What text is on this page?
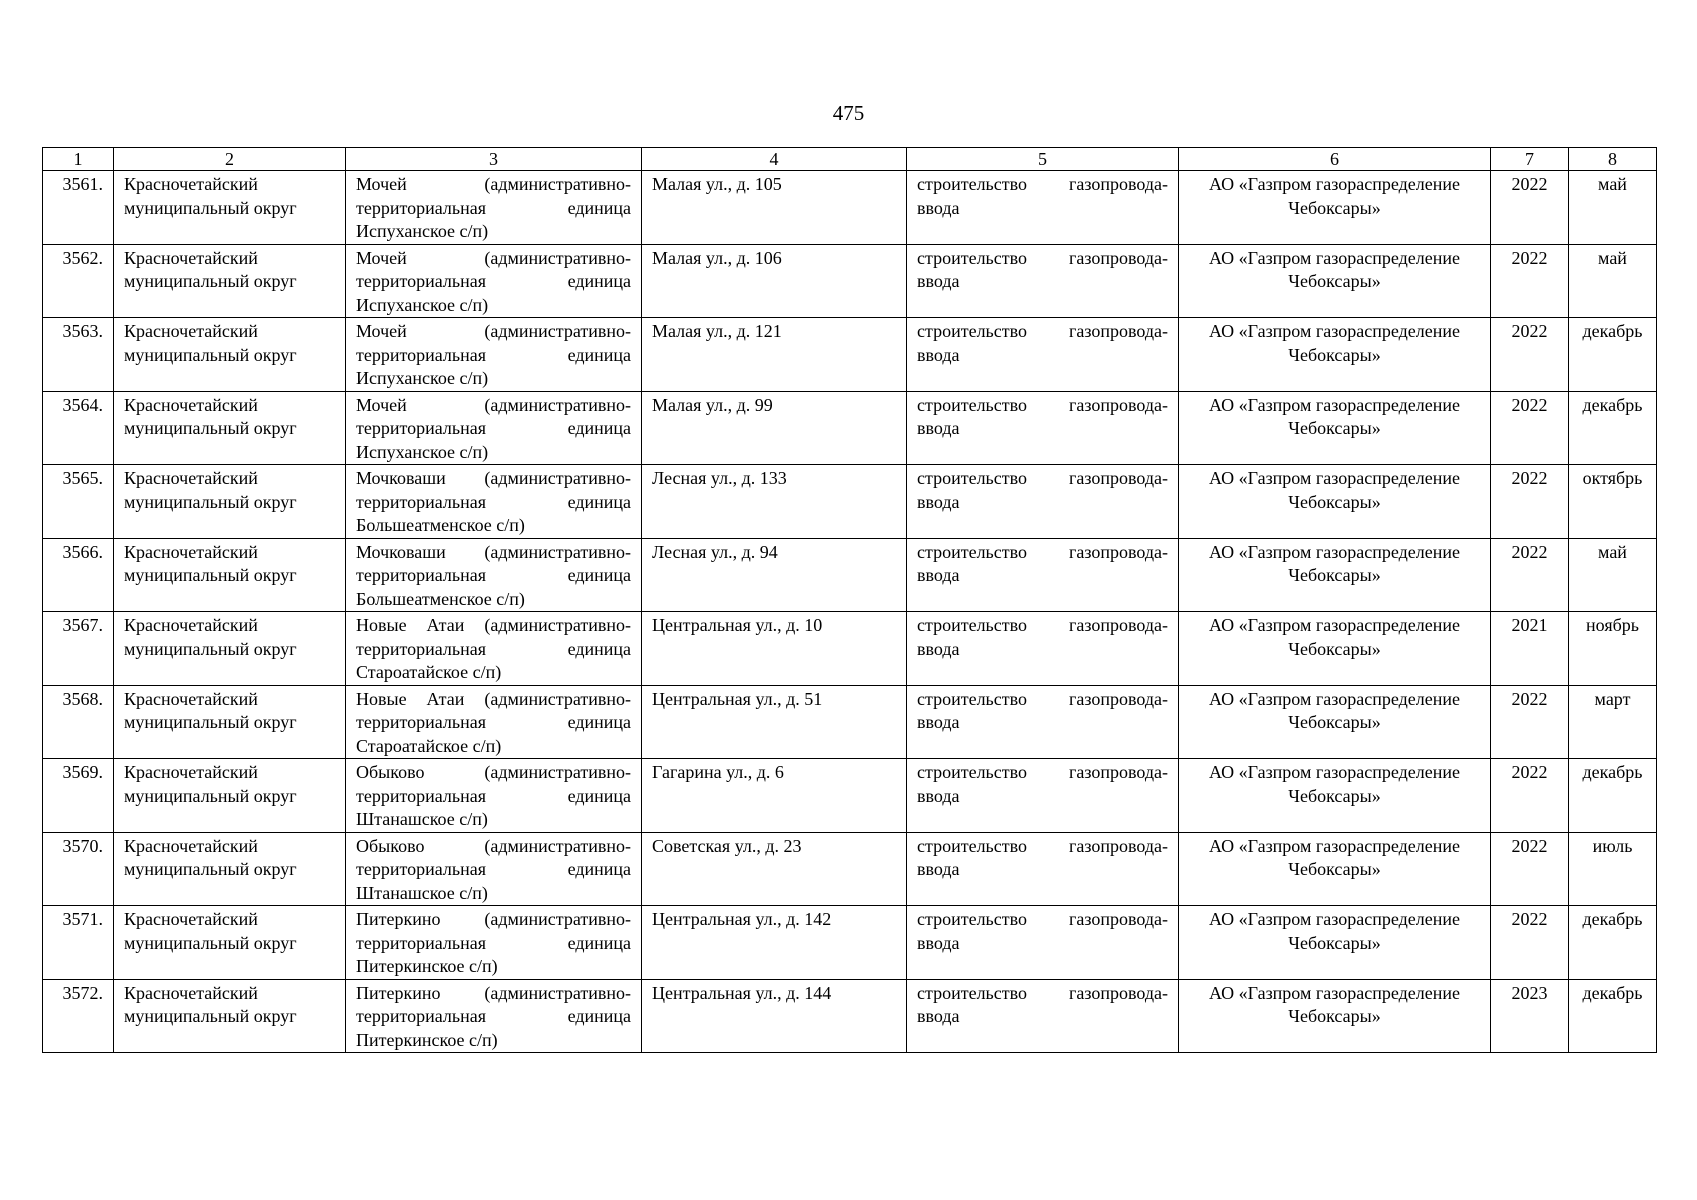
475
1	2	3	4	5	6	7	8
3561.	Красночетайский муниципальный округ	Мочей (административно-территориальная единица Испуханское с/п)	Малая ул., д. 105	строительство газопровода-ввода	АО «Газпром газораспределение Чебоксары»	2022	май
3562.	Красночетайский муниципальный округ	Мочей (административно-территориальная единица Испуханское с/п)	Малая ул., д. 106	строительство газопровода-ввода	АО «Газпром газораспределение Чебоксары»	2022	май
3563.	Красночетайский муниципальный округ	Мочей (административно-территориальная единица Испуханское с/п)	Малая ул., д. 121	строительство газопровода-ввода	АО «Газпром газораспределение Чебоксары»	2022	декабрь
3564.	Красночетайский муниципальный округ	Мочей (административно-территориальная единица Испуханское с/п)	Малая ул., д. 99	строительство газопровода-ввода	АО «Газпром газораспределение Чебоксары»	2022	декабрь
3565.	Красночетайский муниципальный округ	Мочковаши (административно-территориальная единица Большеатменское с/п)	Лесная ул., д. 133	строительство газопровода-ввода	АО «Газпром газораспределение Чебоксары»	2022	октябрь
3566.	Красночетайский муниципальный округ	Мочковаши (административно-территориальная единица Большеатменское с/п)	Лесная ул., д. 94	строительство газопровода-ввода	АО «Газпром газораспределение Чебоксары»	2022	май
3567.	Красночетайский муниципальный округ	Новые Атаи (административно-территориальная единица Староатайское с/п)	Центральная ул., д. 10	строительство газопровода-ввода	АО «Газпром газораспределение Чебоксары»	2021	ноябрь
3568.	Красночетайский муниципальный округ	Новые Атаи (административно-территориальная единица Староатайское с/п)	Центральная ул., д. 51	строительство газопровода-ввода	АО «Газпром газораспределение Чебоксары»	2022	март
3569.	Красночетайский муниципальный округ	Обыково (административно-территориальная единица Штанашское с/п)	Гагарина ул., д. 6	строительство газопровода-ввода	АО «Газпром газораспределение Чебоксары»	2022	декабрь
3570.	Красночетайский муниципальный округ	Обыково (административно-территориальная единица Штанашское с/п)	Советская ул., д. 23	строительство газопровода-ввода	АО «Газпром газораспределение Чебоксары»	2022	июль
3571.	Красночетайский муниципальный округ	Питеркино (административно-территориальная единица Питеркинское с/п)	Центральная ул., д. 142	строительство газопровода-ввода	АО «Газпром газораспределение Чебоксары»	2022	декабрь
3572.	Красночетайский муниципальный округ	Питеркино (административно-территориальная единица Питеркинское с/п)	Центральная ул., д. 144	строительство газопровода-ввода	АО «Газпром газораспределение Чебоксары»	2023	декабрь
